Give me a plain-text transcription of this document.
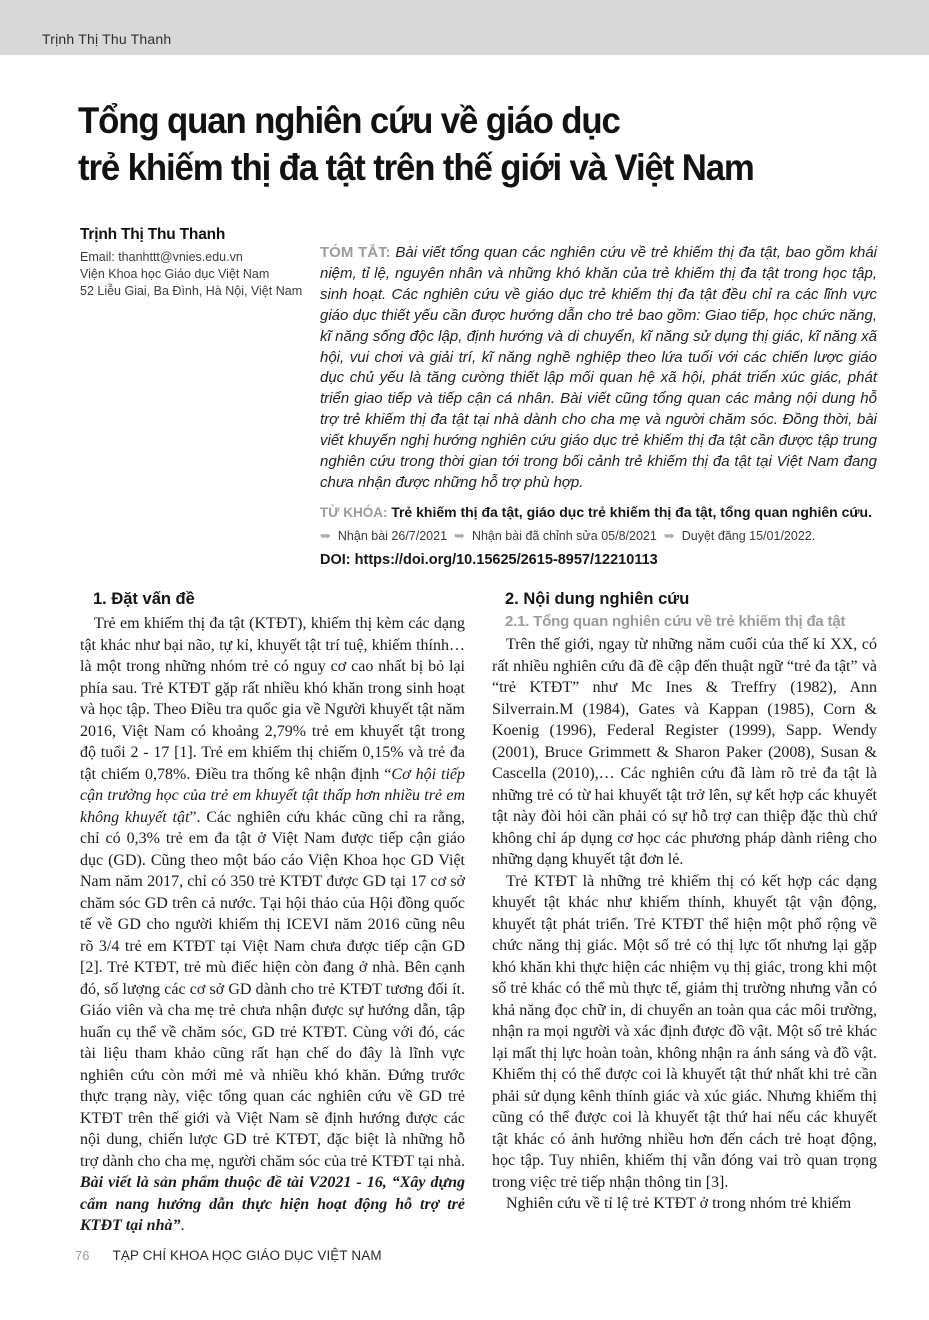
Trịnh Thị Thu Thanh
Tổng quan nghiên cứu về giáo dục
trẻ khiếm thị đa tật trên thế giới và Việt Nam

Trịnh Thị Thu Thanh

Email: thanhttt@vnies.edu.vn

Viện Khoa học Giáo dục Việt Nam

52 Liễu Giai, Ba Đình, Hà Nội, Việt Nam

TÓM TẮT: Bài viết tổng quan các nghiên cứu về trẻ khiếm thị đa tật, bao gồm khái niệm, tỉ lệ, nguyên nhân và những khó khăn của trẻ khiếm thị đa tật trong học tập, sinh hoạt. Các nghiên cứu về giáo dục trẻ khiếm thị đa tật đều chỉ ra các lĩnh vực giáo dục thiết yếu cần được hướng dẫn cho trẻ bao gồm: Giao tiếp, học chức năng, kĩ năng sống độc lập, định hướng và di chuyển, kĩ năng sử dụng thị giác, kĩ năng xã hội, vui chơi và giải trí, kĩ năng nghề nghiệp theo lứa tuổi với các chiến lược giáo dục chủ yếu là tăng cường thiết lập mối quan hệ xã hội, phát triển xúc giác, phát triển giao tiếp và tiếp cận cá nhân. Bài viết cũng tổng quan các mảng nội dung hỗ trợ trẻ khiếm thị đa tật tại nhà dành cho cha mẹ và người chăm sóc. Đồng thời, bài viết khuyến nghị hướng nghiên cứu giáo dục trẻ khiếm thị đa tật cần được tập trung nghiên cứu trong thời gian tới trong bối cảnh trẻ khiếm thị đa tật tại Việt Nam đang chưa nhận được những hỗ trợ phù hợp.

TỪ KHÓA: Trẻ khiếm thị đa tật, giáo dục trẻ khiếm thị đa tật, tổng quan nghiên cứu.
➥ Nhận bài 26/7/2021 ➥ Nhận bài đã chỉnh sửa 05/8/2021 ➥ Duyệt đăng 15/01/2022.
DOI: https://doi.org/10.15625/2615-8957/12210113
1. Đặt vấn đề

Trẻ em khiếm thị đa tật (KTĐT), khiếm thị kèm các dạng tật khác như bại não, tự kỉ, khuyết tật trí tuệ, khiếm thính… là một trong những nhóm trẻ có nguy cơ cao nhất bị bỏ lại phía sau. Trẻ KTĐT gặp rất nhiều khó khăn trong sinh hoạt và học tập. Theo Điều tra quốc gia về Người khuyết tật năm 2016, Việt Nam có khoảng 2,79% trẻ em khuyết tật trong độ tuổi 2 - 17 [1]. Trẻ em khiếm thị chiếm 0,15% và trẻ đa tật chiếm 0,78%. Điều tra thống kê nhận định “Cơ hội tiếp cận trường học của trẻ em khuyết tật thấp hơn nhiều trẻ em không khuyết tật”. Các nghiên cứu khác cũng chỉ ra rằng, chỉ có 0,3% trẻ em đa tật ở Việt Nam được tiếp cận giáo dục (GD). Cũng theo một báo cáo Viện Khoa học GD Việt Nam năm 2017, chỉ có 350 trẻ KTĐT được GD tại 17 cơ sở chăm sóc GD trên cả nước. Tại hội thảo của Hội đồng quốc tế về GD cho người khiếm thị ICEVI năm 2016 cũng nêu rõ 3/4 trẻ em KTĐT tại Việt Nam chưa được tiếp cận GD [2]. Trẻ KTĐT, trẻ mù điếc hiện còn đang ở nhà. Bên cạnh đó, số lượng các cơ sở GD dành cho trẻ KTĐT tương đối ít. Giáo viên và cha mẹ trẻ chưa nhận được sự hướng dẫn, tập huấn cụ thể về chăm sóc, GD trẻ KTĐT. Cùng với đó, các tài liệu tham khảo cũng rất hạn chế do đây là lĩnh vực nghiên cứu còn mới mẻ và nhiều khó khăn. Đứng trước thực trạng này, việc tổng quan các nghiên cứu về GD trẻ KTĐT trên thế giới và Việt Nam sẽ định hướng được các nội dung, chiến lược GD trẻ KTĐT, đặc biệt là những hỗ trợ dành cho cha mẹ, người chăm sóc của trẻ KTĐT tại nhà. Bài viết là sản phẩm thuộc đề tài V2021 - 16, “Xây dựng cẩm nang hướng dẫn thực hiện hoạt động hỗ trợ trẻ KTĐT tại nhà”.

2. Nội dung nghiên cứu
2.1. Tổng quan nghiên cứu về trẻ khiếm thị đa tật

Trên thế giới, ngay từ những năm cuối của thế kỉ XX, có rất nhiều nghiên cứu đã đề cập đến thuật ngữ “trẻ đa tật” và “trẻ KTĐT” như Mc Ines & Treffry (1982), Ann Silverrain.M (1984), Gates và Kappan (1985), Corn & Koenig (1996), Federal Register (1999), Sapp. Wendy (2001), Bruce Grimmett & Sharon Paker (2008), Susan & Cascella (2010),… Các nghiên cứu đã làm rõ trẻ đa tật là những trẻ có từ hai khuyết tật trở lên, sự kết hợp các khuyết tật này đòi hỏi cần phải có sự hỗ trợ can thiệp đặc thù chứ không chỉ áp dụng cơ học các phương pháp dành riêng cho những dạng khuyết tật đơn lẻ.

Trẻ KTĐT là những trẻ khiếm thị có kết hợp các dạng khuyết tật khác như khiếm thính, khuyết tật vận động, khuyết tật phát triển. Trẻ KTĐT thể hiện một phổ rộng về chức năng thị giác. Một số trẻ có thị lực tốt nhưng lại gặp khó khăn khi thực hiện các nhiệm vụ thị giác, trong khi một số trẻ khác có thể mù thực tế, giảm thị trường nhưng vẫn có khả năng đọc chữ in, di chuyển an toàn qua các môi trường, nhận ra mọi người và xác định được đồ vật. Một số trẻ khác lại mất thị lực hoàn toàn, không nhận ra ánh sáng và đồ vật. Khiếm thị có thể được coi là khuyết tật thứ nhất khi trẻ cần phải sử dụng kênh thính giác và xúc giác. Nhưng khiếm thị cũng có thể được coi là khuyết tật thứ hai nếu các khuyết tật khác có ảnh hưởng nhiều hơn đến cách trẻ hoạt động, học tập. Tuy nhiên, khiếm thị vẫn đóng vai trò quan trọng trong việc trẻ tiếp nhận thông tin [3].

Nghiên cứu về tỉ lệ trẻ KTĐT ở trong nhóm trẻ khiếm

76 TẠP CHÍ KHOA HỌC GIÁO DỤC VIỆT NAM
